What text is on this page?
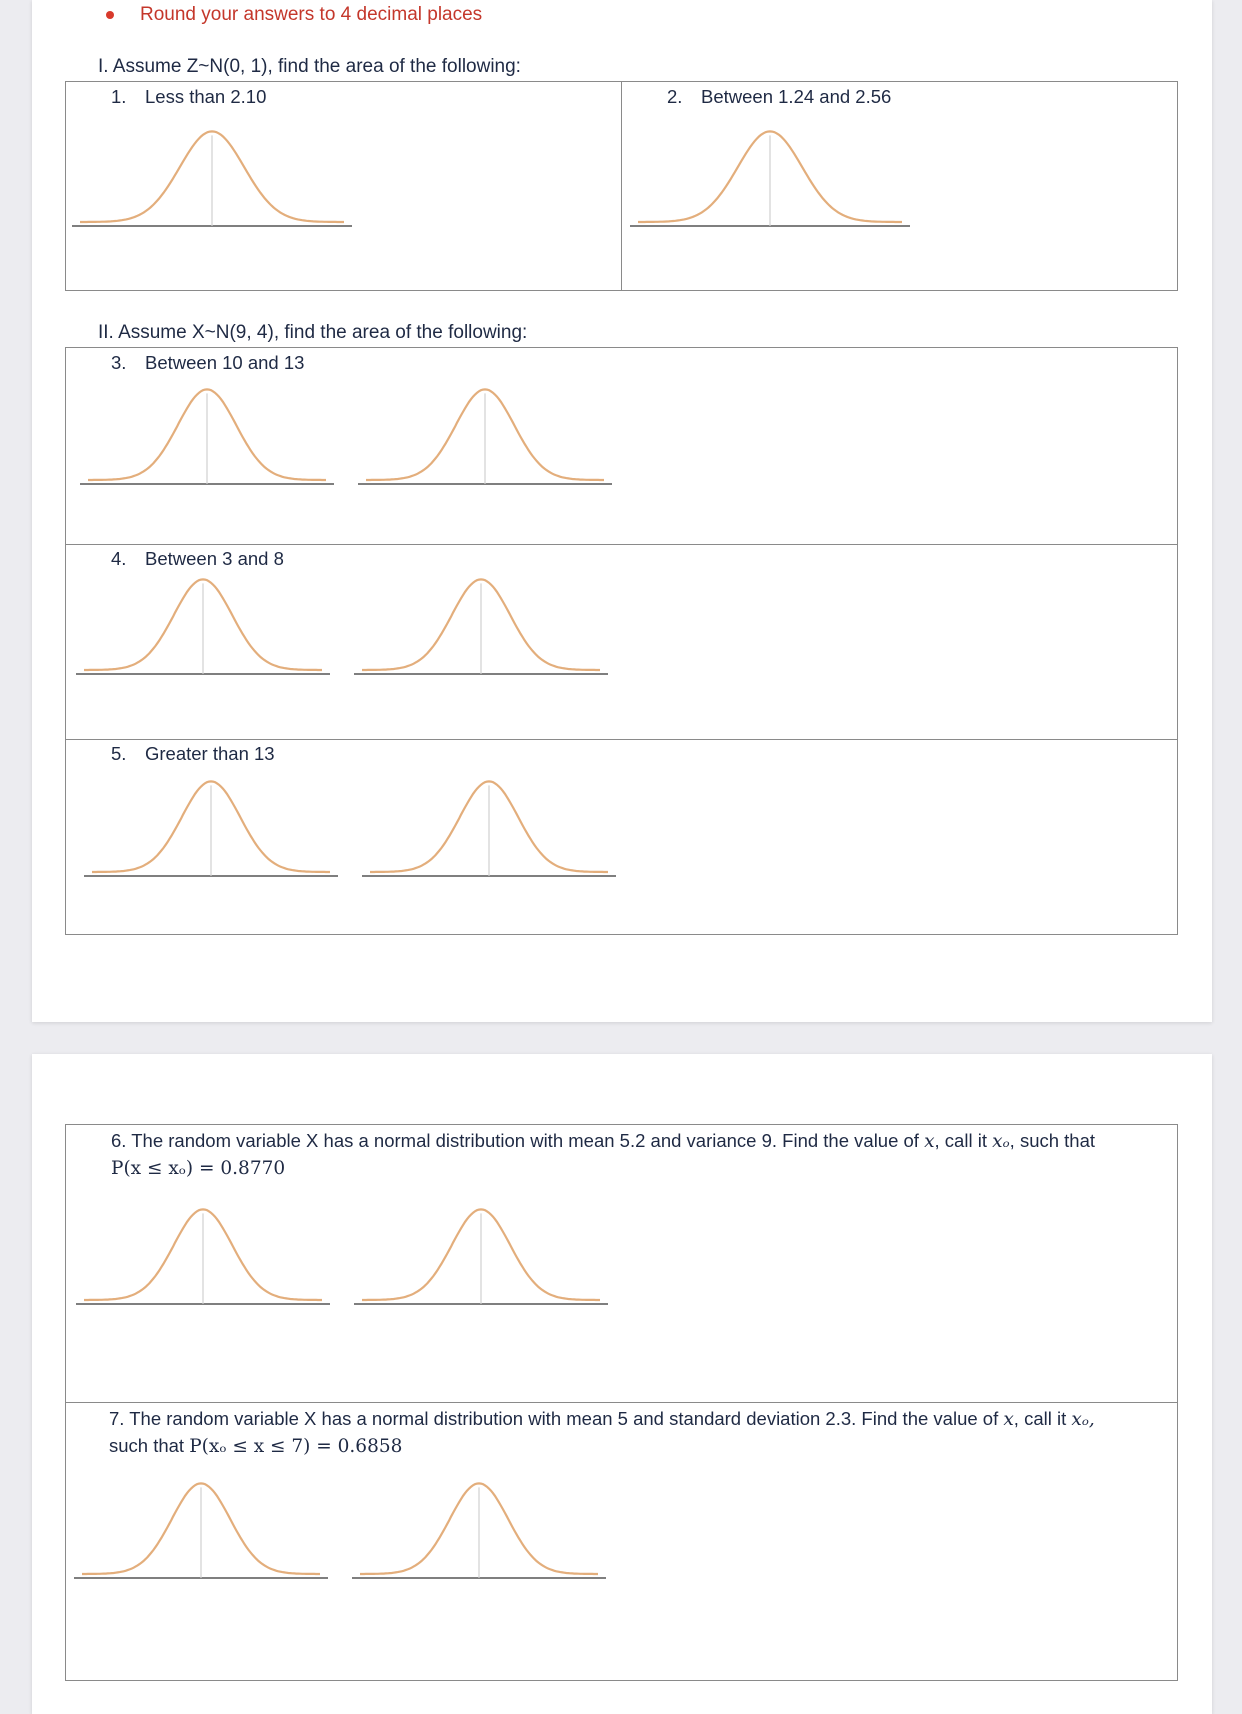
Round your answers to 4 decimal places
I. Assume Z~N(0, 1), find the area of the following:
1. Less than 2.10	2. Between 1.24 and 2.56
II. Assume X~N(9, 4), find the area of the following:
3. Between 10 and 13
4. Between 3 and 8
5. Greater than 13
6. The random variable X has a normal distribution with mean 5.2 and variance 9. Find the value of x, call it xₒ, such that
P(x ≤ xₒ) = 0.8770
7. The random variable X has a normal distribution with mean 5 and standard deviation 2.3. Find the value of x, call it xₒ,
such that P(xₒ ≤ x ≤ 7) = 0.6858
